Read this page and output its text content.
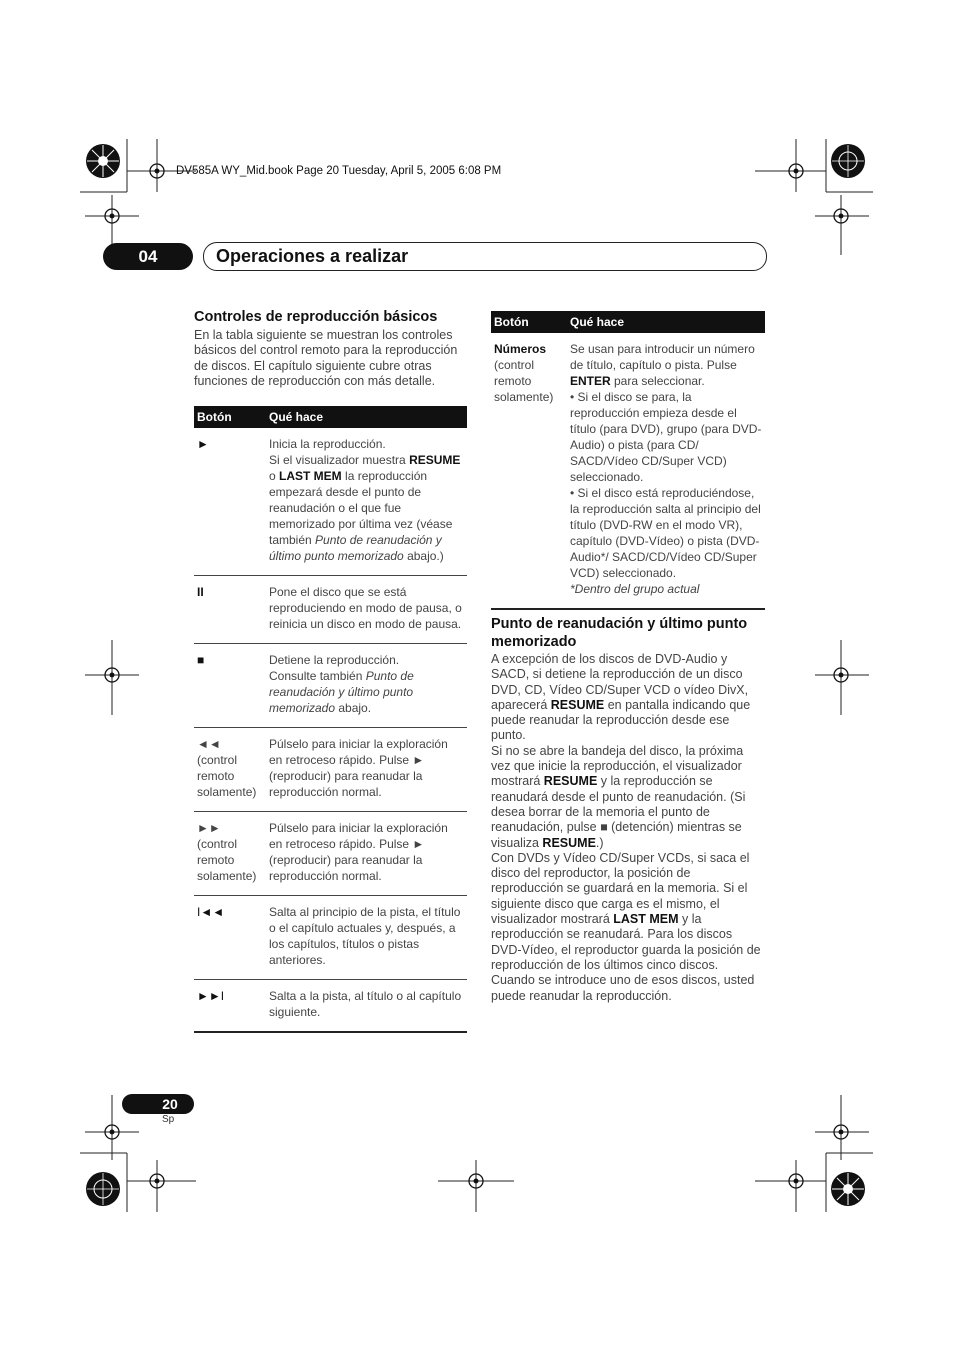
DV585A WY_Mid.book Page 20 Tuesday, April 5, 2005 6:08 PM
04	Operaciones a realizar
Controles de reproducción básicos

En la tabla siguiente se muestran los controles básicos del control remoto para la reproducción de discos. El capítulo siguiente cubre otras funciones de reproducción con más detalle.

Botón	Qué hace
►	Inicia la reproducción.
Si el visualizador muestra RESUME o LAST MEM la reproducción empezará desde el punto de reanudación o el que fue memorizado por última vez (véase también Punto de reanudación y último punto memorizado abajo.)
II	Pone el disco que se está reproduciendo en modo de pausa, o reinicia un disco en modo de pausa.
■	Detiene la reproducción.
Consulte también Punto de reanudación y último punto memorizado abajo.
◄◄
(control remoto solamente)	Púlselo para iniciar la exploración en retroceso rápido. Pulse ► (reproducir) para reanudar la reproducción normal.
►►
(control remoto solamente)	Púlselo para iniciar la exploración en retroceso rápido. Pulse ► (reproducir) para reanudar la reproducción normal.
I◄◄	Salta al principio de la pista, el título o el capítulo actuales y, después, a los capítulos, títulos o pistas anteriores.
►►I	Salta a la pista, al título o al capítulo siguiente.
Botón	Qué hace
Números
(control remoto solamente)	Se usan para introducir un número de título, capítulo o pista. Pulse ENTER para seleccionar.
• Si el disco se para, la reproducción empieza desde el título (para DVD), grupo (para DVD-Audio) o pista (para CD/ SACD/Vídeo CD/Super VCD) seleccionado.
• Si el disco está reproduciéndose, la reproducción salta al principio del título (DVD-RW en el modo VR), capítulo (DVD-Vídeo) o pista (DVD-Audio*/ SACD/CD/Vídeo CD/Super VCD) seleccionado.
*Dentro del grupo actual
Punto de reanudación y último punto memorizado

A excepción de los discos de DVD-Audio y SACD, si detiene la reproducción de un disco DVD, CD, Vídeo CD/Super VCD o vídeo DivX, aparecerá RESUME en pantalla indicando que puede reanudar la reproducción desde ese punto.

Si no se abre la bandeja del disco, la próxima vez que inicie la reproducción, el visualizador mostrará RESUME y la reproducción se reanudará desde el punto de reanudación. (Si desea borrar de la memoria el punto de reanudación, pulse ■ (detención) mientras se visualiza RESUME.)

Con DVDs y Vídeo CD/Super VCDs, si saca el disco del reproductor, la posición de reproducción se guardará en la memoria. Si el siguiente disco que carga es el mismo, el visualizador mostrará LAST MEM y la reproducción se reanudará. Para los discos DVD-Vídeo, el reproductor guarda la posición de reproducción de los últimos cinco discos. Cuando se introduce uno de esos discos, usted puede reanudar la reproducción.

20
Sp
